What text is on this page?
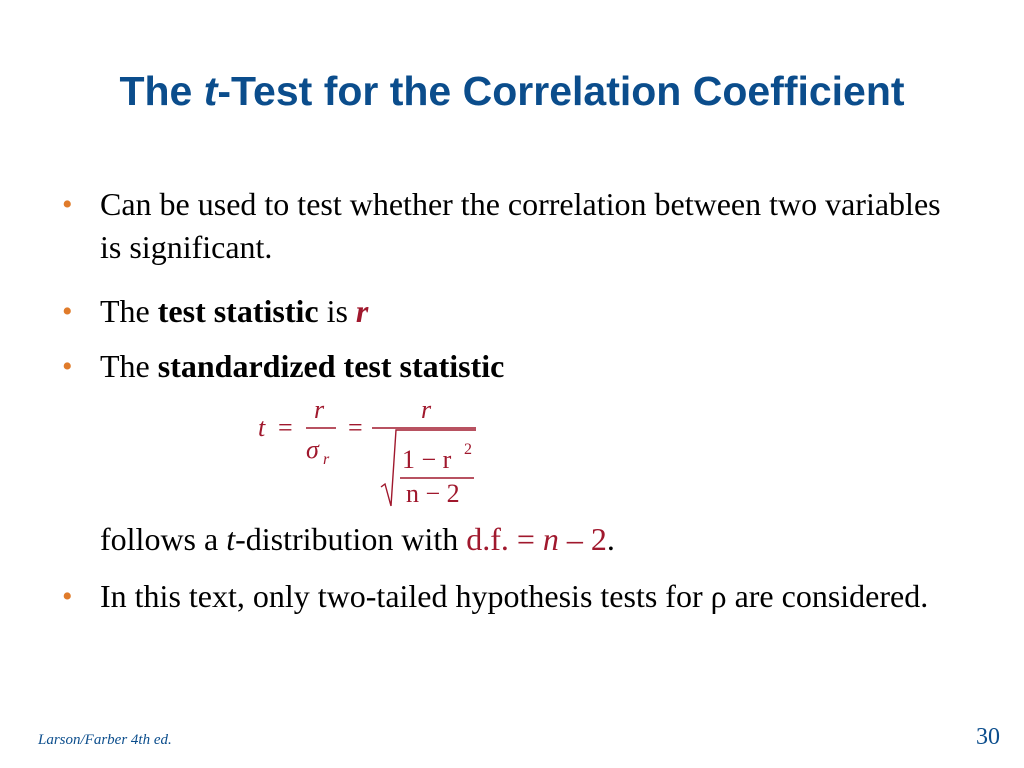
The t-Test for the Correlation Coefficient
• Can be used to test whether the correlation between two variables is significant.
• The test statistic is r
• The standardized test statistic
t =
r
σ r
=
r
1 − r 2
n − 2
follows a t-distribution with d.f. = n – 2.
• In this text, only two-tailed hypothesis tests for ρ are considered.
Larson/Farber 4th ed.	30
